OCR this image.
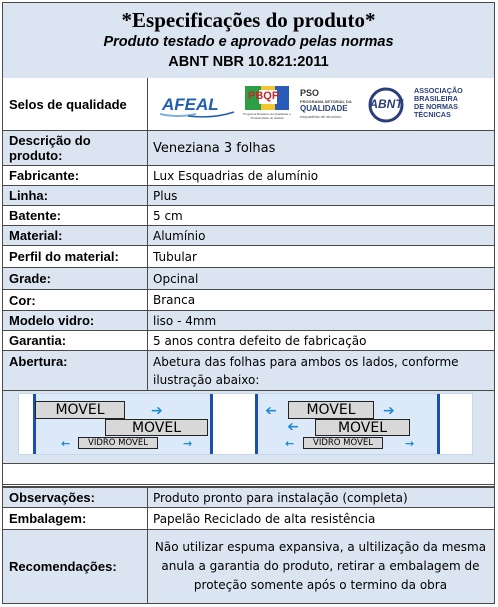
*Especificações do produto*
Produto testado e aprovado pelas normas
ABNT NBR 10.821:2011
Selos de qualidade	AFEAL	PBQP
Programa Brasileiro da Qualidade e Produtividade do Habitat
PSO
PROGRAMA SETORIAL DA
QUALIDADE
esquadrias de alumínio
ABNT
ASSOCIAÇÃO
BRASILEIRA
DE NORMAS
TÉCNICAS
Descrição do produto:	Veneziana 3 folhas
Fabricante:	Lux Esquadrias de alumínio
Linha:	Plus
Batente:	5 cm
Material:	Alumínio
Perfil do material:	Tubular
Grade:	Opcinal
Cor:	Branca
Modelo vidro:	liso - 4mm
Garantia:	5 anos contra defeito de fabricação
Abertura:	Abetura das folhas para ambos os lados, conforme ilustração abaixo:
Observações:	Produto pronto para instalação (completa)
Embalagem:	Papelão Reciclado de alta resistência
Recomendações:
Não utilizar espuma expansiva, a ultilização da mesma anula a garantia do produto, retirar a embalagem de proteção somente após o termino da obra
MOVEL	➔
MOVEL
←	VIDRO MOVEL	→
➔	MOVEL	➔
➔	MOVEL
←	VIDRO MOVEL	→
